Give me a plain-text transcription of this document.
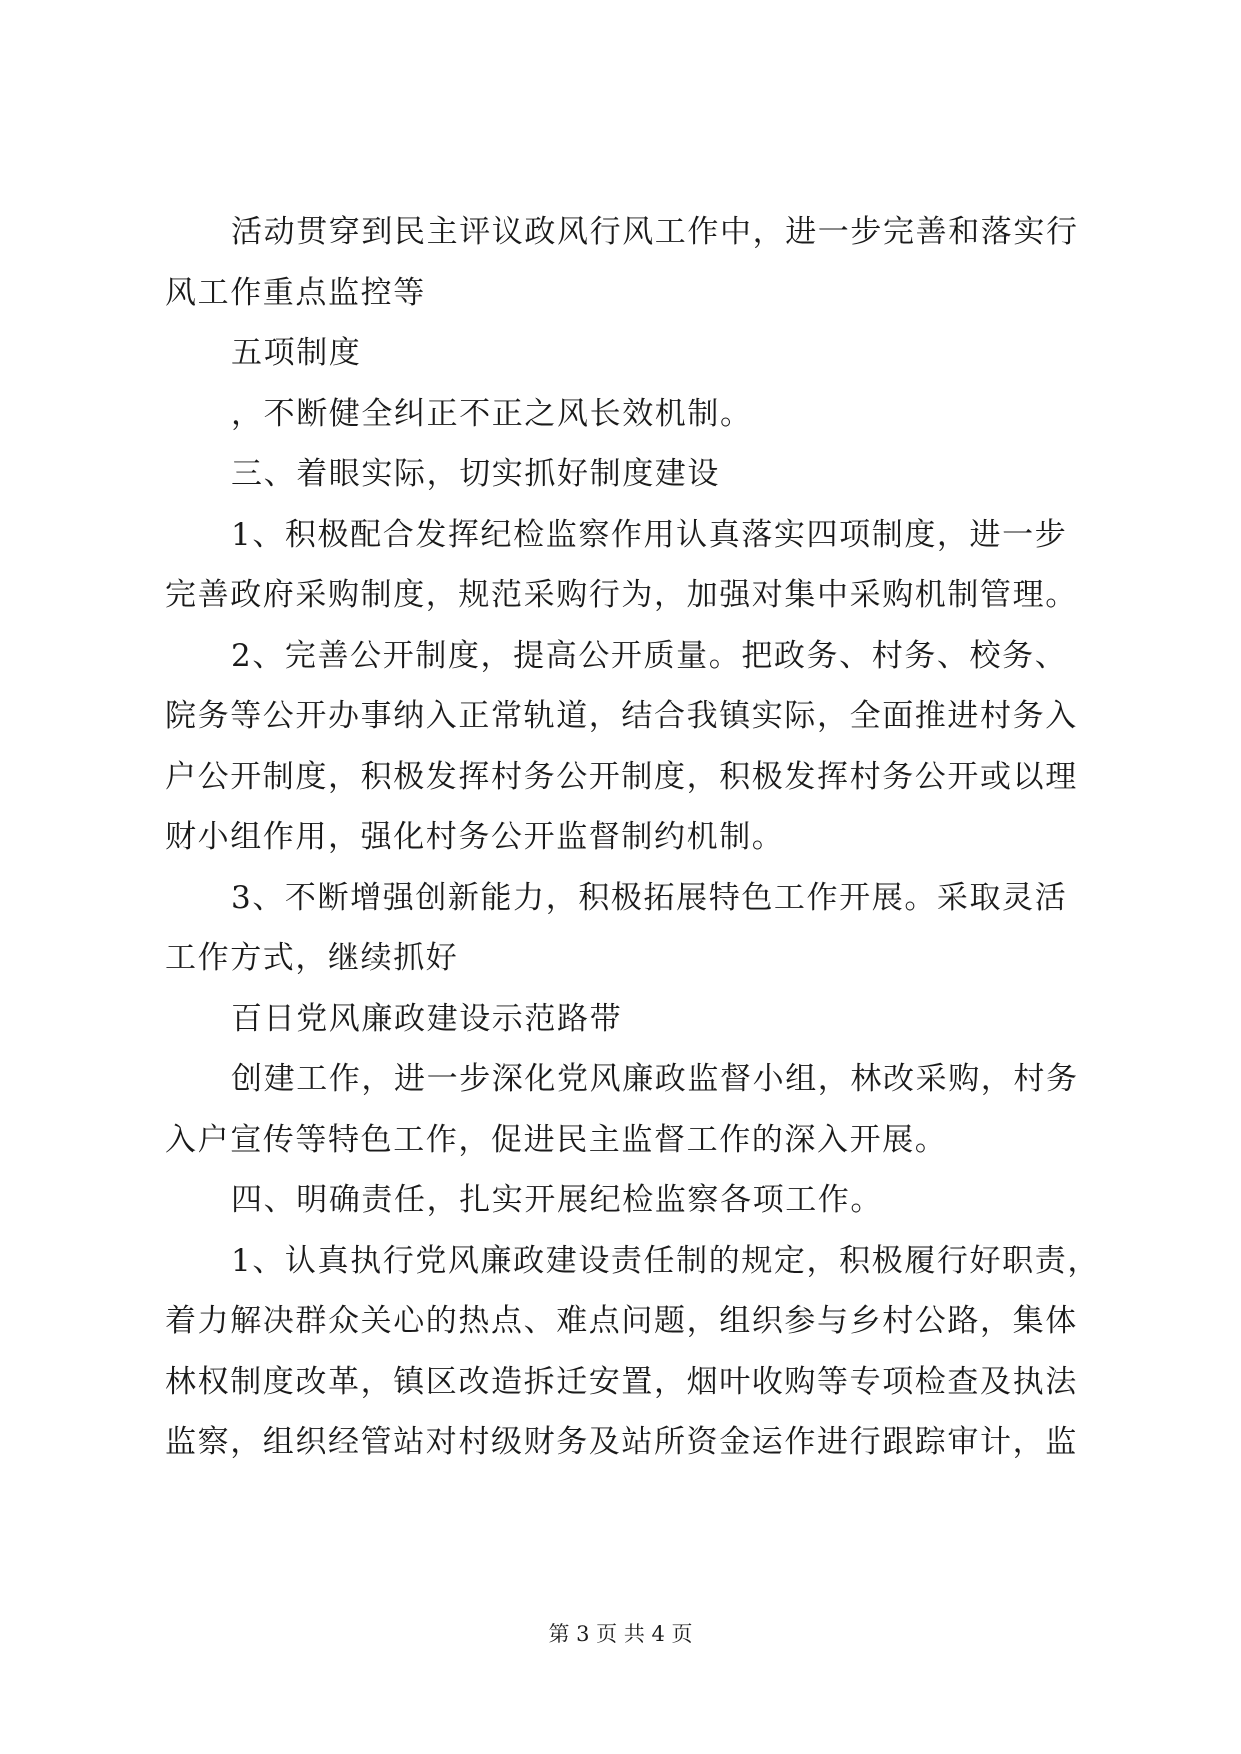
活动贯穿到民主评议政风行风工作中，进一步完善和落实行
风工作重点监控等
五项制度
，不断健全纠正不正之风长效机制。
三、着眼实际，切实抓好制度建设
1、积极配合发挥纪检监察作用认真落实四项制度，进一步
完善政府采购制度，规范采购行为，加强对集中采购机制管理。
2、完善公开制度，提高公开质量。把政务、村务、校务、
院务等公开办事纳入正常轨道，结合我镇实际，全面推进村务入
户公开制度，积极发挥村务公开制度，积极发挥村务公开或以理
财小组作用，强化村务公开监督制约机制。
3、不断增强创新能力，积极拓展特色工作开展。采取灵活
工作方式，继续抓好
百日党风廉政建设示范路带
创建工作，进一步深化党风廉政监督小组，林改采购，村务
入户宣传等特色工作，促进民主监督工作的深入开展。
四、明确责任，扎实开展纪检监察各项工作。
1、认真执行党风廉政建设责任制的规定，积极履行好职责，
着力解决群众关心的热点、难点问题，组织参与乡村公路，集体
林权制度改革，镇区改造拆迁安置，烟叶收购等专项检查及执法
监察，组织经管站对村级财务及站所资金运作进行跟踪审计，监
第 3 页 共 4 页
